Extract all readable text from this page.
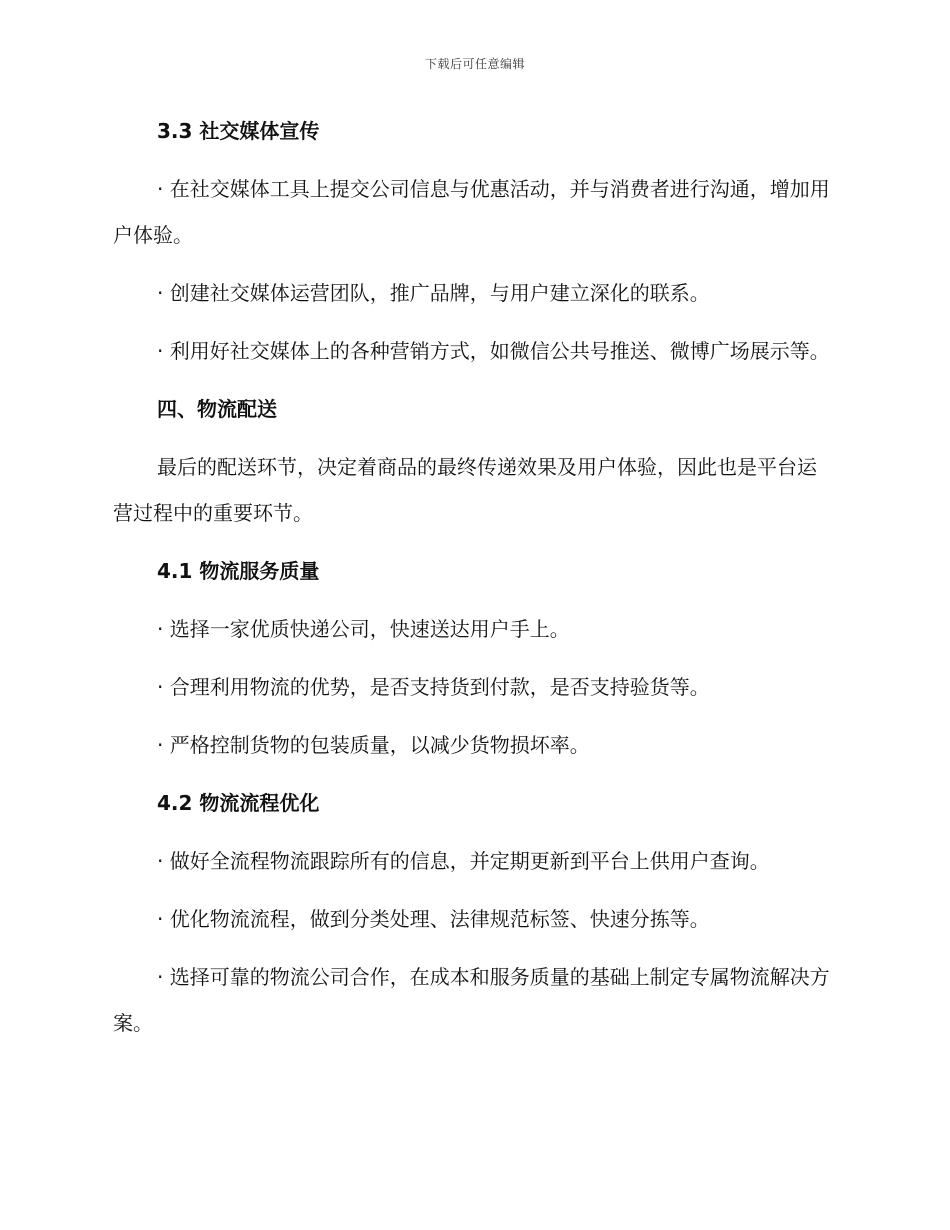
下载后可任意编辑

3.3 社交媒体宣传

· 在社交媒体工具上提交公司信息与优惠活动，并与消费者进行沟通，增加用户体验。

· 创建社交媒体运营团队，推广品牌，与用户建立深化的联系。

· 利用好社交媒体上的各种营销方式，如微信公共号推送、微博广场展示等。

四、物流配送

最后的配送环节，决定着商品的最终传递效果及用户体验，因此也是平台运营过程中的重要环节。

4.1 物流服务质量

· 选择一家优质快递公司，快速送达用户手上。

· 合理利用物流的优势，是否支持货到付款，是否支持验货等。

· 严格控制货物的包装质量，以减少货物损坏率。

4.2 物流流程优化

· 做好全流程物流跟踪所有的信息，并定期更新到平台上供用户查询。

· 优化物流流程，做到分类处理、法律规范标签、快速分拣等。

· 选择可靠的物流公司合作，在成本和服务质量的基础上制定专属物流解决方案。
